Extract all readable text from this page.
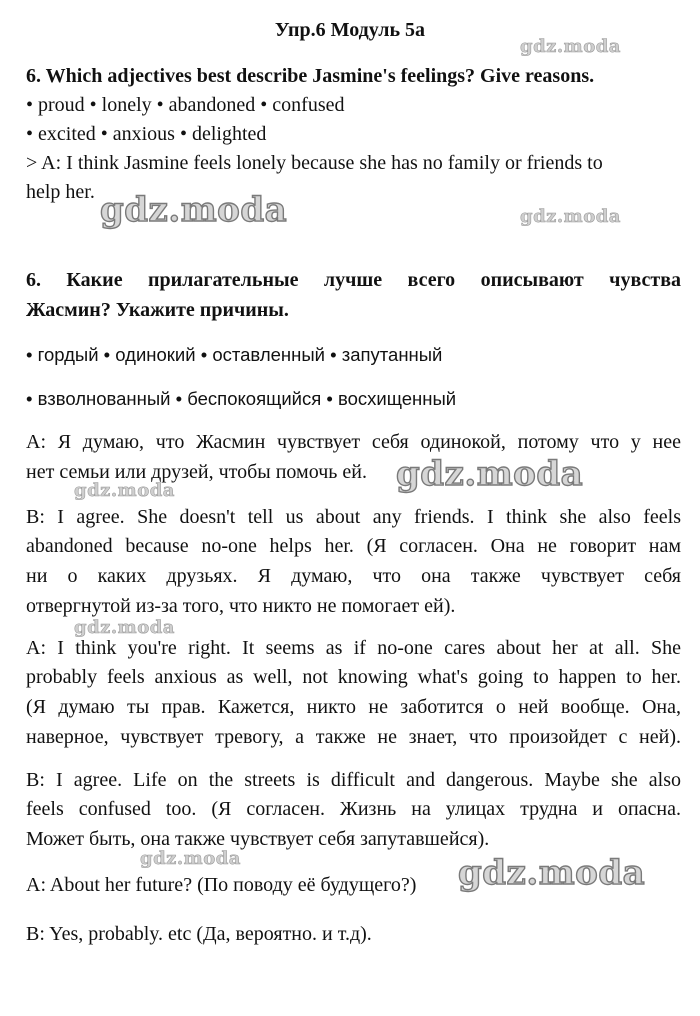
Упр.6 Модуль 5а
6. Which adjectives best describe Jasmine's feelings? Give reasons.
• proud • lonely • abandoned • confused
• excited • anxious • delighted
> A: I think Jasmine feels lonely because she has no family or friends to
help her.
6. Какие прилагательные лучше всего описывают чувства
Жасмин? Укажите причины.
• гордый • одинокий • оставленный • запутанный
• взволнованный • беспокоящийся • восхищенный
A: Я думаю, что Жасмин чувствует себя одинокой, потому что у нее
нет семьи или друзей, чтобы помочь ей.
B: I agree. She doesn't tell us about any friends. I think she also feels
abandoned because no-one helps her. (Я согласен. Она не говорит нам
ни о каких друзьях. Я думаю, что она также чувствует себя
отвергнутой из-за того, что никто не помогает ей).
A: I think you're right. It seems as if no-one cares about her at all. She
probably feels anxious as well, not knowing what's going to happen to her.
(Я думаю ты прав. Кажется, никто не заботится о ней вообще. Она,
наверное, чувствует тревогу, а также не знает, что произойдет с ней).
B: I agree. Life on the streets is difficult and dangerous. Maybe she also
feels confused too. (Я согласен. Жизнь на улицах трудна и опасна.
Может быть, она также чувствует себя запутавшейся).
A: About her future? (По поводу её будущего?)
B: Yes, probably. etc (Да, вероятно. и т.д).
gdz.moda
gdz.moda	gdz.moda
gdz.moda
gdz.moda
gdz.moda
gdz.moda	gdz.moda
